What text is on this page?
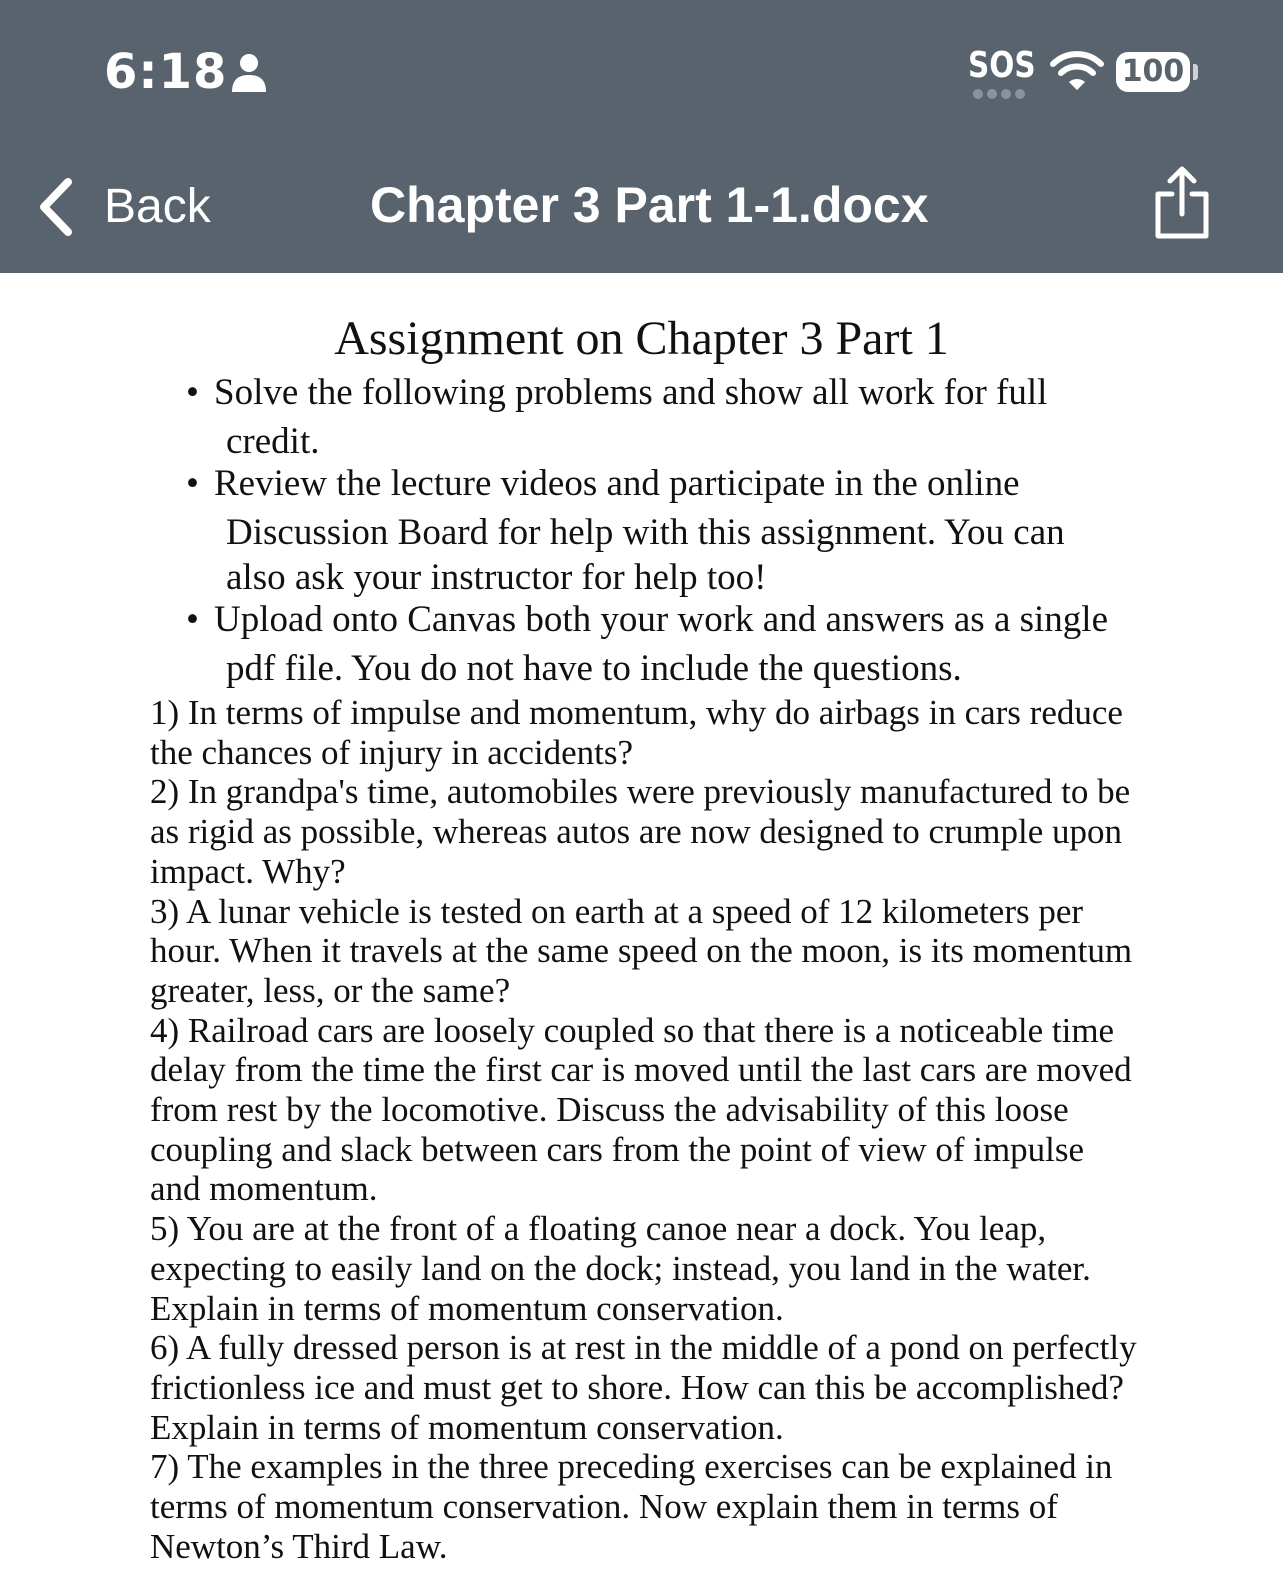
6:18	SOS	100
Back	Chapter 3 Part 1-1.docx
Assignment on Chapter 3 Part 1
• Solve the following problems and show all work for full
credit.
• Review the lecture videos and participate in the online
Discussion Board for help with this assignment. You can
also ask your instructor for help too!
• Upload onto Canvas both your work and answers as a single
pdf file. You do not have to include the questions.
1) In terms of impulse and momentum, why do airbags in cars reduce
the chances of injury in accidents?
2) In grandpa's time, automobiles were previously manufactured to be
as rigid as possible, whereas autos are now designed to crumple upon
impact. Why?
3) A lunar vehicle is tested on earth at a speed of 12 kilometers per
hour. When it travels at the same speed on the moon, is its momentum
greater, less, or the same?
4) Railroad cars are loosely coupled so that there is a noticeable time
delay from the time the first car is moved until the last cars are moved
from rest by the locomotive. Discuss the advisability of this loose
coupling and slack between cars from the point of view of impulse
and momentum.
5) You are at the front of a floating canoe near a dock. You leap,
expecting to easily land on the dock; instead, you land in the water.
Explain in terms of momentum conservation.
6) A fully dressed person is at rest in the middle of a pond on perfectly
frictionless ice and must get to shore. How can this be accomplished?
Explain in terms of momentum conservation.
7) The examples in the three preceding exercises can be explained in
terms of momentum conservation. Now explain them in terms of
Newton’s Third Law.
